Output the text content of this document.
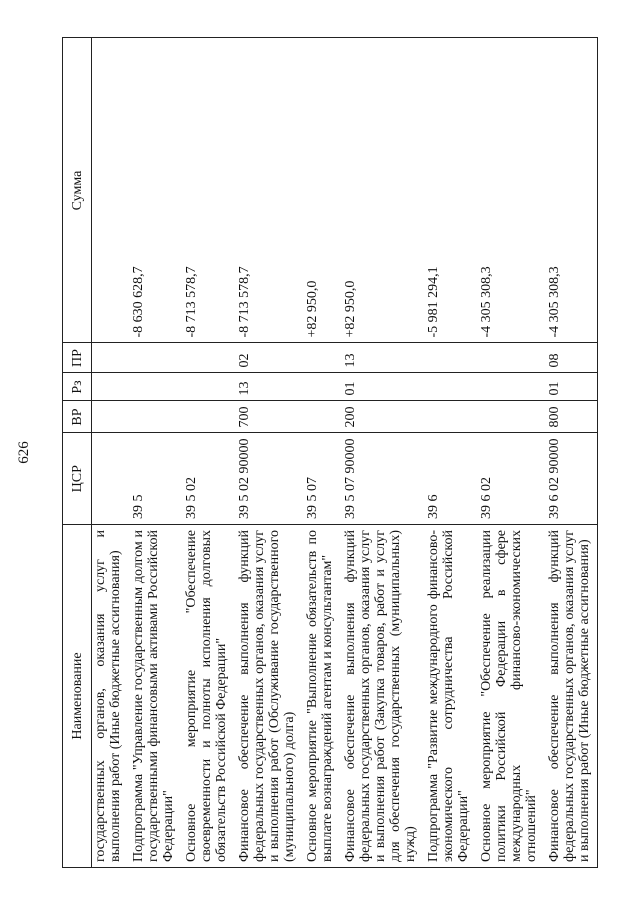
626
Наименование	ЦСР	ВР	Рз	ПР	Сумма
государственных органов, оказания услуг и выполнения работ (Иные бюджетные ассигнования)					
Подпрограмма "Управление государственным долгом и государственными финансовыми активами Российской Федерации"	39 5				-8 630 628,7
Основное мероприятие "Обеспечение своевременности и полноты исполнения долговых обязательств Российской Федерации"	39 5 02				-8 713 578,7
Финансовое обеспечение выполнения функций федеральных государственных органов, оказания услуг и выполнения работ (Обслуживание государственного (муниципального) долга)	39 5 02 90000	700	13	02	-8 713 578,7
Основное мероприятие "Выполнение обязательств по выплате вознаграждений агентам и консультантам"	39 5 07				+82 950,0
Финансовое обеспечение выполнения функций федеральных государственных органов, оказания услуг и выполнения работ (Закупка товаров, работ и услуг для обеспечения государственных (муниципальных) нужд)	39 5 07 90000	200	01	13	+82 950,0
Подпрограмма "Развитие международного финансово-экономического сотрудничества Российской Федерации"	39 6				-5 981 294,1
Основное мероприятие "Обеспечение реализации политики Российской Федерации в сфере международных финансово-экономических отношений"	39 6 02				-4 305 308,3
Финансовое обеспечение выполнения функций федеральных государственных органов, оказания услуг и выполнения работ (Иные бюджетные ассигнования)	39 6 02 90000	800	01	08	-4 305 308,3
